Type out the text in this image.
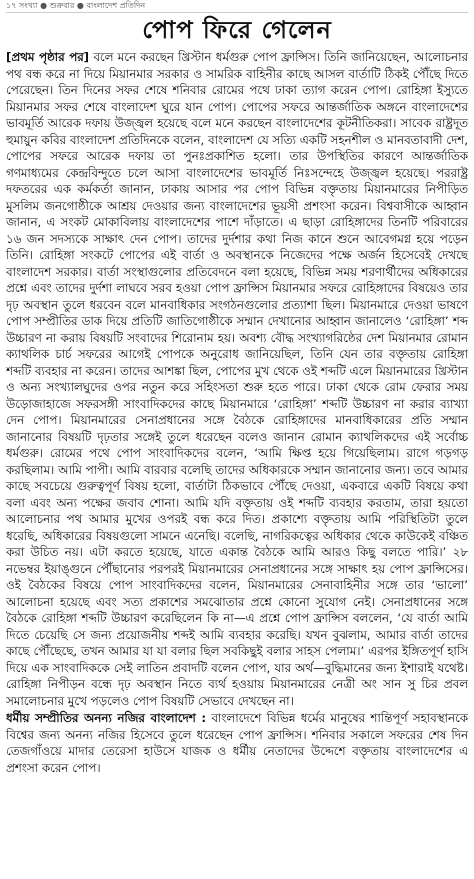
১৭ সংখ্যা ● শুক্রবার ● বাংলাদেশ প্রতিদিন
পোপ ফিরে গেলেন

[প্রথম পৃষ্ঠার পর] বলে মনে করছেন খ্রিস্টান ধর্মগুরু পোপ ফ্রান্সিস। তিনি জানিয়েছেন, আলোচনার পথ বন্ধ করে না দিয়ে মিয়ানমার সরকার ও সামরিক বাহিনীর কাছে আসল বার্তাটি ঠিকই পৌঁছে দিতে পেরেছেন। তিন দিনের সফর শেষে শনিবার রোমের পথে ঢাকা ত্যাগ করেন পোপ। রোহিঙ্গা ইস্যুতে মিয়ানমার সফর শেষে বাংলাদেশ ঘুরে যান পোপ। পোপের সফরে আন্তর্জাতিক অঙ্গনে বাংলাদেশের ভাবমূর্তি আরেক দফায় উজ্জ্বল হয়েছে বলে মনে করছেন বাংলাদেশের কূটনীতিকরা। সাবেক রাষ্ট্রদূত হুমায়ুন কবির বাংলাদেশ প্রতিদিনকে বলেন, বাংলাদেশ যে সত্যি একটি সহনশীল ও মানবতাবাদী দেশ, পোপের সফরে আরেক দফায় তা পুনঃপ্রকাশিত হলো। তার উপস্থিতির কারণে আন্তর্জাতিক গণমাধ্যমের কেন্দ্রবিন্দুতে চলে আসা বাংলাদেশের ভাবমূর্তি নিঃসন্দেহে উজ্জ্বল হয়েছে। পররাষ্ট্র দফতরের এক কর্মকর্তা জানান, ঢাকায় আসার পর পোপ বিভিন্ন বক্তৃতায় মিয়ানমারের নিপীড়িত মুসলিম জনগোষ্ঠীকে আশ্রয় দেওয়ার জন্য বাংলাদেশের ভূয়সী প্রশংসা করেন। বিশ্ববাসীকে আহ্বান জানান, এ সংকট মোকাবিলায় বাংলাদেশের পাশে দাঁড়াতে। এ ছাড়া রোহিঙ্গাদের তিনটি পরিবারের ১৬ জন সদস্যকে সাক্ষাৎ দেন পোপ। তাদের দুর্দশার কথা নিজ কানে শুনে আবেগমগ্ন হয়ে পড়েন তিনি। রোহিঙ্গা সংকটে পোপের এই বার্তা ও অবস্থানকে নিজেদের পক্ষে অর্জন হিসেবেই দেখছে বাংলাদেশ সরকার। বার্তা সংস্থাগুলোর প্রতিবেদনে বলা হয়েছে, বিভিন্ন সময় শরণার্থীদের অধিকারের প্রশ্নে এবং তাদের দুর্দশা লাঘবে সরব হওয়া পোপ ফ্রান্সিস মিয়ানমার সফরে রোহিঙ্গাদের বিষয়েও তার দৃঢ় অবস্থান তুলে ধরবেন বলে মানবাধিকার সংগঠনগুলোর প্রত্যাশা ছিল। মিয়ানমারে দেওয়া ভাষণে পোপ সম্প্রীতির ডাক দিয়ে প্রতিটি জাতিগোষ্ঠীকে সম্মান দেখানোর আহ্বান জানালেও ‘রোহিঙ্গা’ শব্দ উচ্চারণ না করায় বিষয়টি সংবাদের শিরোনাম হয়। অবশ্য বৌদ্ধ সংখ্যাগরিষ্ঠের দেশ মিয়ানমার রোমান ক্যাথলিক চার্চ সফরের আগেই পোপকে অনুরোধ জানিয়েছিল, তিনি যেন তার বক্তৃতায় রোহিঙ্গা শব্দটি ব্যবহার না করেন। তাদের আশঙ্কা ছিল, পোপের মুখ থেকে ওই শব্দটি এলে মিয়ানমারের খ্রিস্টান ও অন্য সংখ্যালঘুদের ওপর নতুন করে সহিংসতা শুরু হতে পারে। ঢাকা থেকে রোম ফেরার সময় উড়োজাহাজে সফরসঙ্গী সাংবাদিকদের কাছে মিয়ানমারে ‘রোহিঙ্গা’ শব্দটি উচ্চারণ না করার ব্যাখ্যা দেন পোপ। মিয়ানমারের সেনাপ্রধানের সঙ্গে বৈঠকে রোহিঙ্গাদের মানবাধিকারের প্রতি সম্মান জানানোর বিষয়টি দৃঢ়তার সঙ্গেই তুলে ধরেছেন বলেও জানান রোমান ক্যাথলিকদের এই সর্বোচ্চ ধর্মগুরু। রোমের পথে পোপ সাংবাদিকদের বলেন, ‘আমি ক্ষিপ্ত হয়ে গিয়েছিলাম। রাগে গড়গড় করছিলাম। আমি পাপী। আমি বারবার বলেছি তাদের অধিকারকে সম্মান জানানোর জন্য। তবে আমার কাছে সবচেয়ে গুরুত্বপূর্ণ বিষয় হলো, বার্তাটা ঠিকভাবে পৌঁছে দেওয়া, একবারে একটি বিষয়ে কথা বলা এবং অন্য পক্ষের জবাব শোনা। আমি যদি বক্তৃতায় ওই শব্দটি ব্যবহার করতাম, তারা হয়তো আলোচনার পথ আমার মুখের ওপরই বন্ধ করে দিত। প্রকাশ্যে বক্তৃতায় আমি পরিস্থিতিটা তুলে ধরেছি, অধিকারের বিষয়গুলো সামনে এনেছি। বলেছি, নাগরিকত্বের অধিকার থেকে কাউকেই বঞ্চিত করা উচিত নয়। এটা করতে হয়েছে, যাতে একান্ত বৈঠকে আমি আরও কিছু বলতে পারি।’ ২৮ নভেম্বর ইয়াঙ্গুনে পৌঁছানোর পরপরই মিয়ানমারের সেনাপ্রধানের সঙ্গে সাক্ষাৎ হয় পোপ ফ্রান্সিসের। ওই বৈঠকের বিষয়ে পোপ সাংবাদিকদের বলেন, মিয়ানমারের সেনাবাহিনীর সঙ্গে তার ‘ভালো’ আলোচনা হয়েছে এবং সত্য প্রকাশের সমঝোতার প্রশ্নে কোনো সুযোগ নেই। সেনাপ্রধানের সঙ্গে বৈঠকে রোহিঙ্গা শব্দটি উচ্চারণ করেছিলেন কি না—এ প্রশ্নে পোপ ফ্রান্সিস বললেন, ‘যে বার্তা আমি দিতে চেয়েছি সে জন্য প্রয়োজনীয় শব্দই আমি ব্যবহার করেছি। যখন বুঝলাম, আমার বার্তা তাদের কাছে পৌঁছেছে, তখন আমার যা যা বলার ছিল সবকিছুই বলার সাহস পেলাম।’ এরপর ইঙ্গিতপূর্ণ হাসি দিয়ে এক সাংবাদিককে সেই লাতিন প্রবাদটি বলেন পোপ, যার অর্থ—বুদ্ধিমানের জন্য ইশারাই যথেষ্ট। রোহিঙ্গা নিপীড়ন বন্ধে দৃঢ় অবস্থান নিতে ব্যর্থ হওয়ায় মিয়ানমারের নেত্রী অং সান সু চির প্রবল সমালোচনার মুখে পড়লেও পোপ বিষয়টি সেভাবে দেখছেন না।

ধর্মীয় সম্প্রীতির অনন্য নজির বাংলাদেশ : বাংলাদেশে বিভিন্ন ধর্মের মানুষের শান্তিপূর্ণ সহাবস্থানকে বিশ্বের জন্য অনন্য নজির হিসেবে তুলে ধরেছেন পোপ ফ্রান্সিস। শনিবার সকালে সফরের শেষ দিন তেজগাঁওয়ে মাদার তেরেসা হাউসে যাজক ও ধর্মীয় নেতাদের উদ্দেশে বক্তৃতায় বাংলাদেশের এ প্রশংসা করেন পোপ।
